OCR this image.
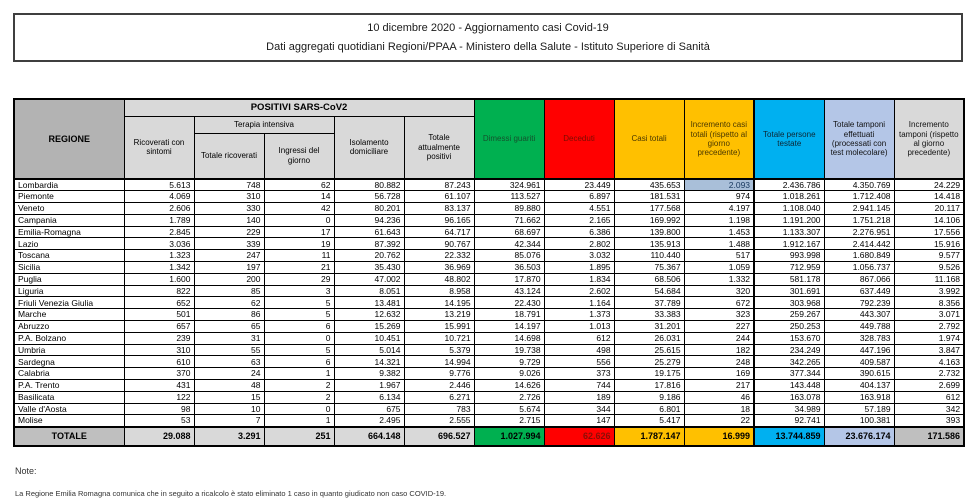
10 dicembre 2020 - Aggiornamento casi Covid-19
Dati aggregati quotidiani Regioni/PPAA - Ministero della Salute - Istituto Superiore di Sanità
REGIONE	POSITIVI SARS-CoV2					Dimessi guariti	Deceduti	Casi totali	Incremento casi totali (rispetto al giorno precedente)	Totale persone testate	Totale tamponi effettuati (processati con test molecolare)	Incremento tamponi (rispetto al giorno precedente)
	Ricoverati con sintomi	Terapia intensiva		Isolamento domiciliare	Totale attualmente positivi							
		Totale ricoverati	Ingressi del giorno									
Lombardia	5.613	748	62	80.882	87.243	324.961	23.449	435.653	2.093	2.436.786	4.350.769	24.229
Piemonte	4.069	310	14	56.728	61.107	113.527	6.897	181.531	974	1.018.261	1.712.408	14.418
Veneto	2.606	330	42	80.201	83.137	89.880	4.551	177.568	4.197	1.108.040	2.941.145	20.117
Campania	1.789	140	0	94.236	96.165	71.662	2.165	169.992	1.198	1.191.200	1.751.218	14.106
Emilia-Romagna	2.845	229	17	61.643	64.717	68.697	6.386	139.800	1.453	1.133.307	2.276.951	17.556
Lazio	3.036	339	19	87.392	90.767	42.344	2.802	135.913	1.488	1.912.167	2.414.442	15.916
Toscana	1.323	247	11	20.762	22.332	85.076	3.032	110.440	517	993.998	1.680.849	9.577
Sicilia	1.342	197	21	35.430	36.969	36.503	1.895	75.367	1.059	712.959	1.056.737	9.526
Puglia	1.600	200	29	47.002	48.802	17.870	1.834	68.506	1.332	581.178	867.066	11.168
Liguria	822	85	3	8.051	8.958	43.124	2.602	54.684	320	301.691	637.449	3.992
Friuli Venezia Giulia	652	62	5	13.481	14.195	22.430	1.164	37.789	672	303.968	792.239	8.356
Marche	501	86	5	12.632	13.219	18.791	1.373	33.383	323	259.267	443.307	3.071
Abruzzo	657	65	6	15.269	15.991	14.197	1.013	31.201	227	250.253	449.788	2.792
P.A. Bolzano	239	31	0	10.451	10.721	14.698	612	26.031	244	153.670	328.783	1.974
Umbria	310	55	5	5.014	5.379	19.738	498	25.615	182	234.249	447.196	3.847
Sardegna	610	63	6	14.321	14.994	9.729	556	25.279	248	342.265	409.587	4.163
Calabria	370	24	1	9.382	9.776	9.026	373	19.175	169	377.344	390.615	2.732
P.A. Trento	431	48	2	1.967	2.446	14.626	744	17.816	217	143.448	404.137	2.699
Basilicata	122	15	2	6.134	6.271	2.726	189	9.186	46	163.078	163.918	612
Valle d'Aosta	98	10	0	675	783	5.674	344	6.801	18	34.989	57.189	342
Molise	53	7	1	2.495	2.555	2.715	147	5.417	22	92.741	100.381	393
TOTALE	29.088	3.291	251	664.148	696.527	1.027.994	62.626	1.787.147	16.999	13.744.859	23.676.174	171.586
Note:
La Regione Emilia Romagna comunica che in seguito a ricalcolo è stato eliminato 1 caso in quanto giudicato non caso COVID-19.
